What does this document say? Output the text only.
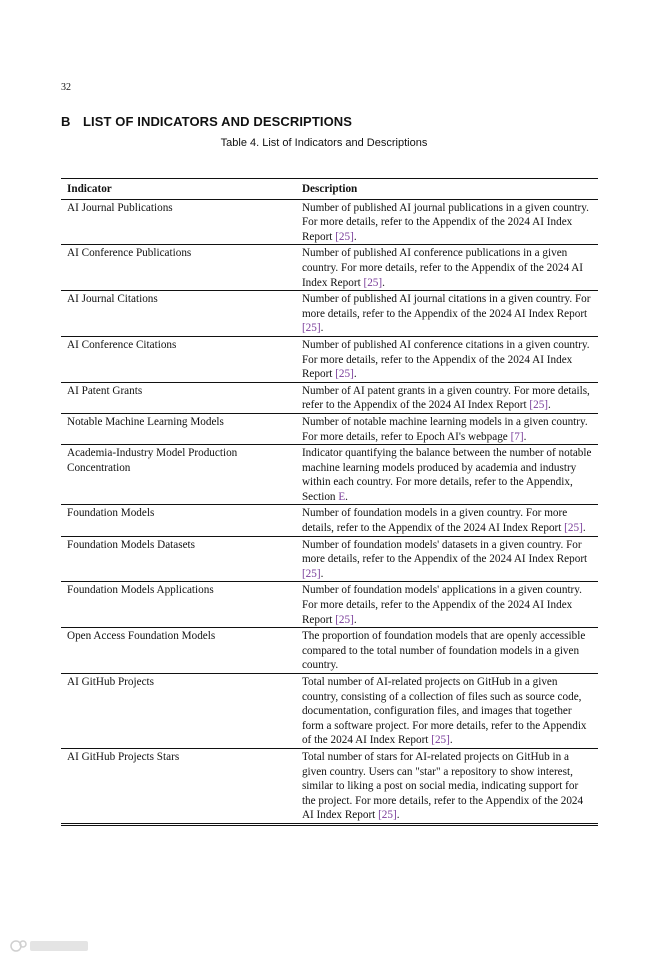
32
B LIST OF INDICATORS AND DESCRIPTIONS
Table 4. List of Indicators and Descriptions
Indicator	Description
AI Journal Publications	Number of published AI journal publications in a given country. For more details, refer to the Appendix of the 2024 AI Index Report [25].
AI Conference Publications	Number of published AI conference publications in a given country. For more details, refer to the Appendix of the 2024 AI Index Report [25].
AI Journal Citations	Number of published AI journal citations in a given country. For more details, refer to the Appendix of the 2024 AI Index Report [25].
AI Conference Citations	Number of published AI conference citations in a given country. For more details, refer to the Appendix of the 2024 AI Index Report [25].
AI Patent Grants	Number of AI patent grants in a given country. For more details, refer to the Appendix of the 2024 AI Index Report [25].
Notable Machine Learning Models	Number of notable machine learning models in a given country. For more details, refer to Epoch AI's webpage [7].
Academia-Industry Model Production Concentration	Indicator quantifying the balance between the number of notable machine learning models produced by academia and industry within each country. For more details, refer to the Appendix, Section E.
Foundation Models	Number of foundation models in a given country. For more details, refer to the Appendix of the 2024 AI Index Report [25].
Foundation Models Datasets	Number of foundation models' datasets in a given country. For more details, refer to the Appendix of the 2024 AI Index Report [25].
Foundation Models Applications	Number of foundation models' applications in a given country. For more details, refer to the Appendix of the 2024 AI Index Report [25].
Open Access Foundation Models	The proportion of foundation models that are openly accessible compared to the total number of foundation models in a given country.
AI GitHub Projects	Total number of AI-related projects on GitHub in a given country, consisting of a collection of files such as source code, documentation, configuration files, and images that together form a software project. For more details, refer to the Appendix of the 2024 AI Index Report [25].
AI GitHub Projects Stars	Total number of stars for AI-related projects on GitHub in a given country. Users can "star" a repository to show interest, similar to liking a post on social media, indicating support for the project. For more details, refer to the Appendix of the 2024 AI Index Report [25].
